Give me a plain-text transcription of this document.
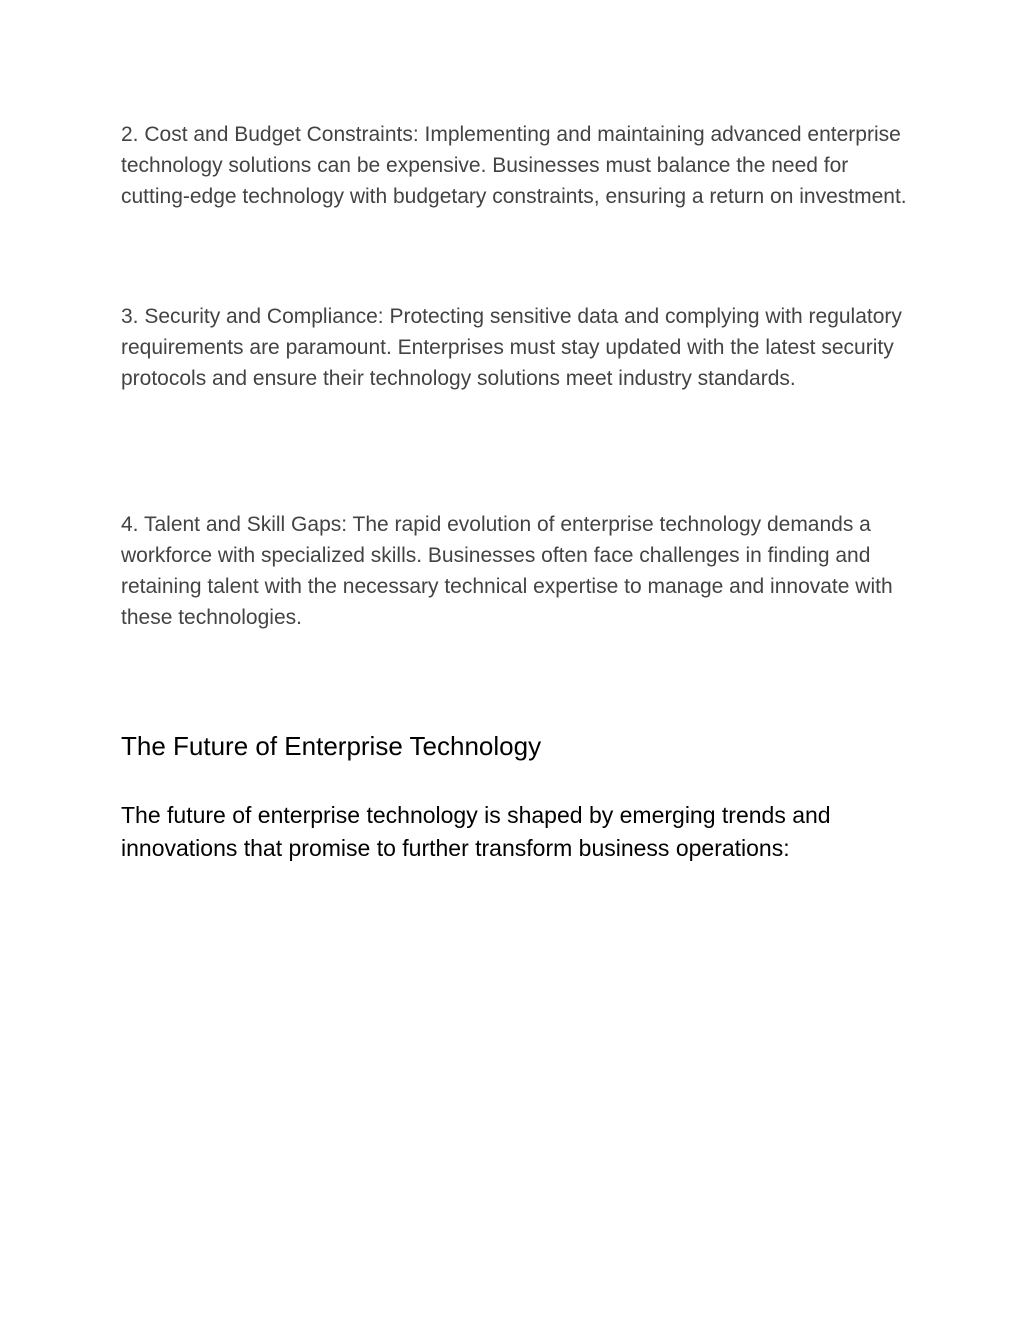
2. Cost and Budget Constraints: Implementing and maintaining advanced enterprise technology solutions can be expensive. Businesses must balance the need for cutting-edge technology with budgetary constraints, ensuring a return on investment.

3. Security and Compliance: Protecting sensitive data and complying with regulatory requirements are paramount. Enterprises must stay updated with the latest security protocols and ensure their technology solutions meet industry standards.

4. Talent and Skill Gaps: The rapid evolution of enterprise technology demands a workforce with specialized skills. Businesses often face challenges in finding and retaining talent with the necessary technical expertise to manage and innovate with these technologies.

The Future of Enterprise Technology

The future of enterprise technology is shaped by emerging trends and innovations that promise to further transform business operations:
